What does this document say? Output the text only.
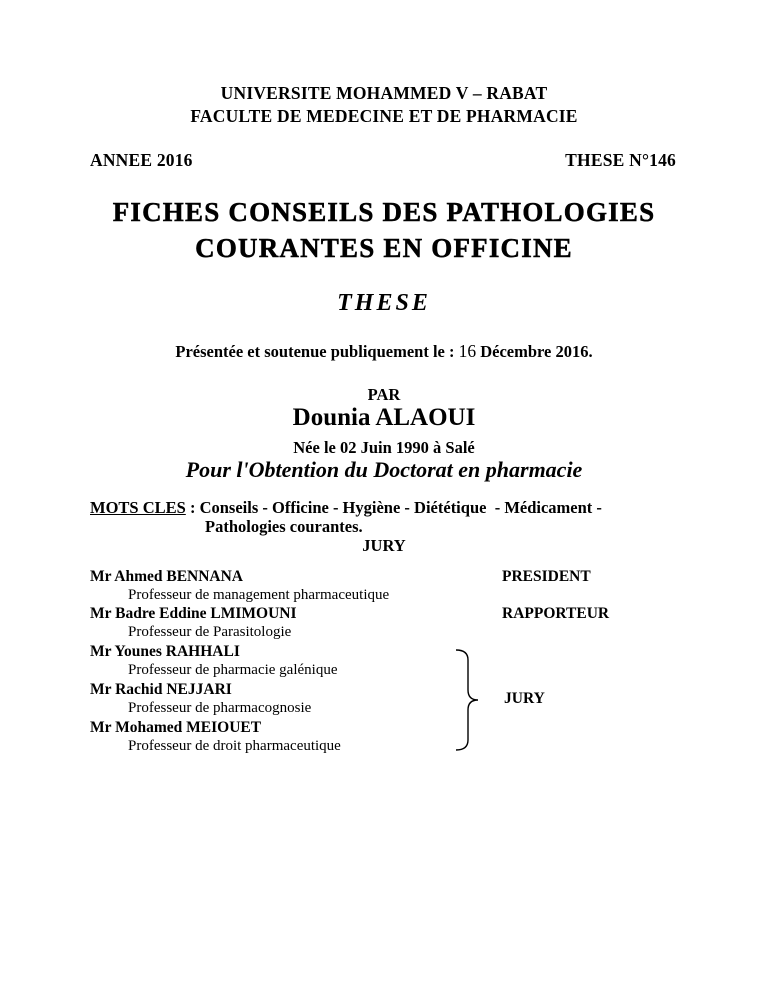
UNIVERSITE MOHAMMED V – RABAT
FACULTE DE MEDECINE ET DE PHARMACIE
ANNEE 2016	THESE N°146
FICHES CONSEILS DES PATHOLOGIES
COURANTES EN OFFICINE
THESE
Présentée et soutenue publiquement le : 16 Décembre 2016.
PAR
Dounia ALAOUI
Née le 02 Juin 1990 à Salé
Pour l'Obtention du Doctorat en pharmacie
MOTS CLES : Conseils - Officine - Hygiène - Diététique  - Médicament -
Pathologies courantes.
JURY
Mr Ahmed BENNANA
Professeur de management pharmaceutique
PRESIDENT
Mr Badre Eddine LMIMOUNI
Professeur de Parasitologie
RAPPORTEUR
Mr Younes RAHHALI
Professeur de pharmacie galénique
Mr Rachid NEJJARI
Professeur de pharmacognosie
Mr Mohamed MEIOUET
Professeur de droit pharmaceutique
JURY
